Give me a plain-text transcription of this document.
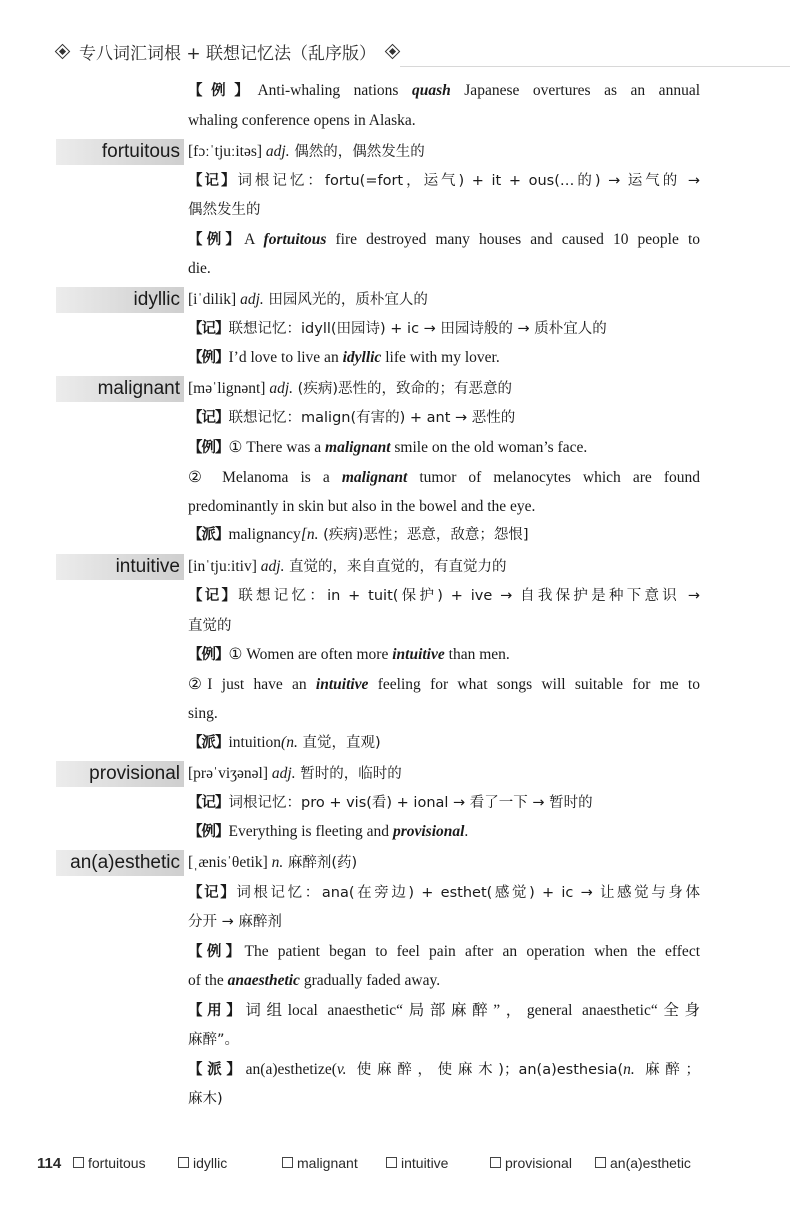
专八词汇词根 + 联想记忆法（乱序版）
【例】Anti-whaling nations quash Japanese overtures as an annual
whaling conference opens in Alaska.
fortuitous [fɔːˈtjuːitəs] adj. 偶然的，偶然发生的
【记】词根记忆：fortu(=fort，运气) + it + ous(…的) → 运气的 →
偶然发生的
【例】A fortuitous fire destroyed many houses and caused 10 people to
die.
idyllic [iˈdilik] adj. 田园风光的，质朴宜人的
【记】联想记忆：idyll(田园诗) + ic → 田园诗般的 → 质朴宜人的
【例】I’d love to live an idyllic life with my lover.
malignant [məˈlignənt] adj. (疾病)恶性的，致命的；有恶意的
【记】联想记忆：malign(有害的) + ant → 恶性的
【例】① There was a malignant smile on the old woman’s face.
② Melanoma is a malignant tumor of melanocytes which are found
predominantly in skin but also in the bowel and the eye.
【派】malignancy[n. (疾病)恶性；恶意，敌意；怨恨]
intuitive [inˈtjuːitiv] adj. 直觉的，来自直觉的，有直觉力的
【记】联想记忆：in + tuit(保护) + ive → 自我保护是种下意识 →
直觉的
【例】① Women are often more intuitive than men.
②I just have an intuitive feeling for what songs will suitable for me to
sing.
【派】intuition(n. 直觉，直观)
provisional [prəˈviʒənəl] adj. 暂时的，临时的
【记】词根记忆：pro + vis(看) + ional → 看了一下 → 暂时的
【例】Everything is fleeting and provisional.
an(a)esthetic [ˌænisˈθetik] n. 麻醉剂(药)
【记】词根记忆：ana(在旁边) + esthet(感觉) + ic → 让感觉与身体
分开 → 麻醉剂
【例】The patient began to feel pain after an operation when the effect
of the anaesthetic gradually faded away.
【用】词组local anaesthetic“局部麻醉”，general anaesthetic“全身
麻醉”。
【派】an(a)esthetize(v. 使麻醉，使麻木)；an(a)esthesia(n. 麻醉；
麻木)
114	fortuitous	idyllic	malignant	intuitive	provisional	an(a)esthetic
